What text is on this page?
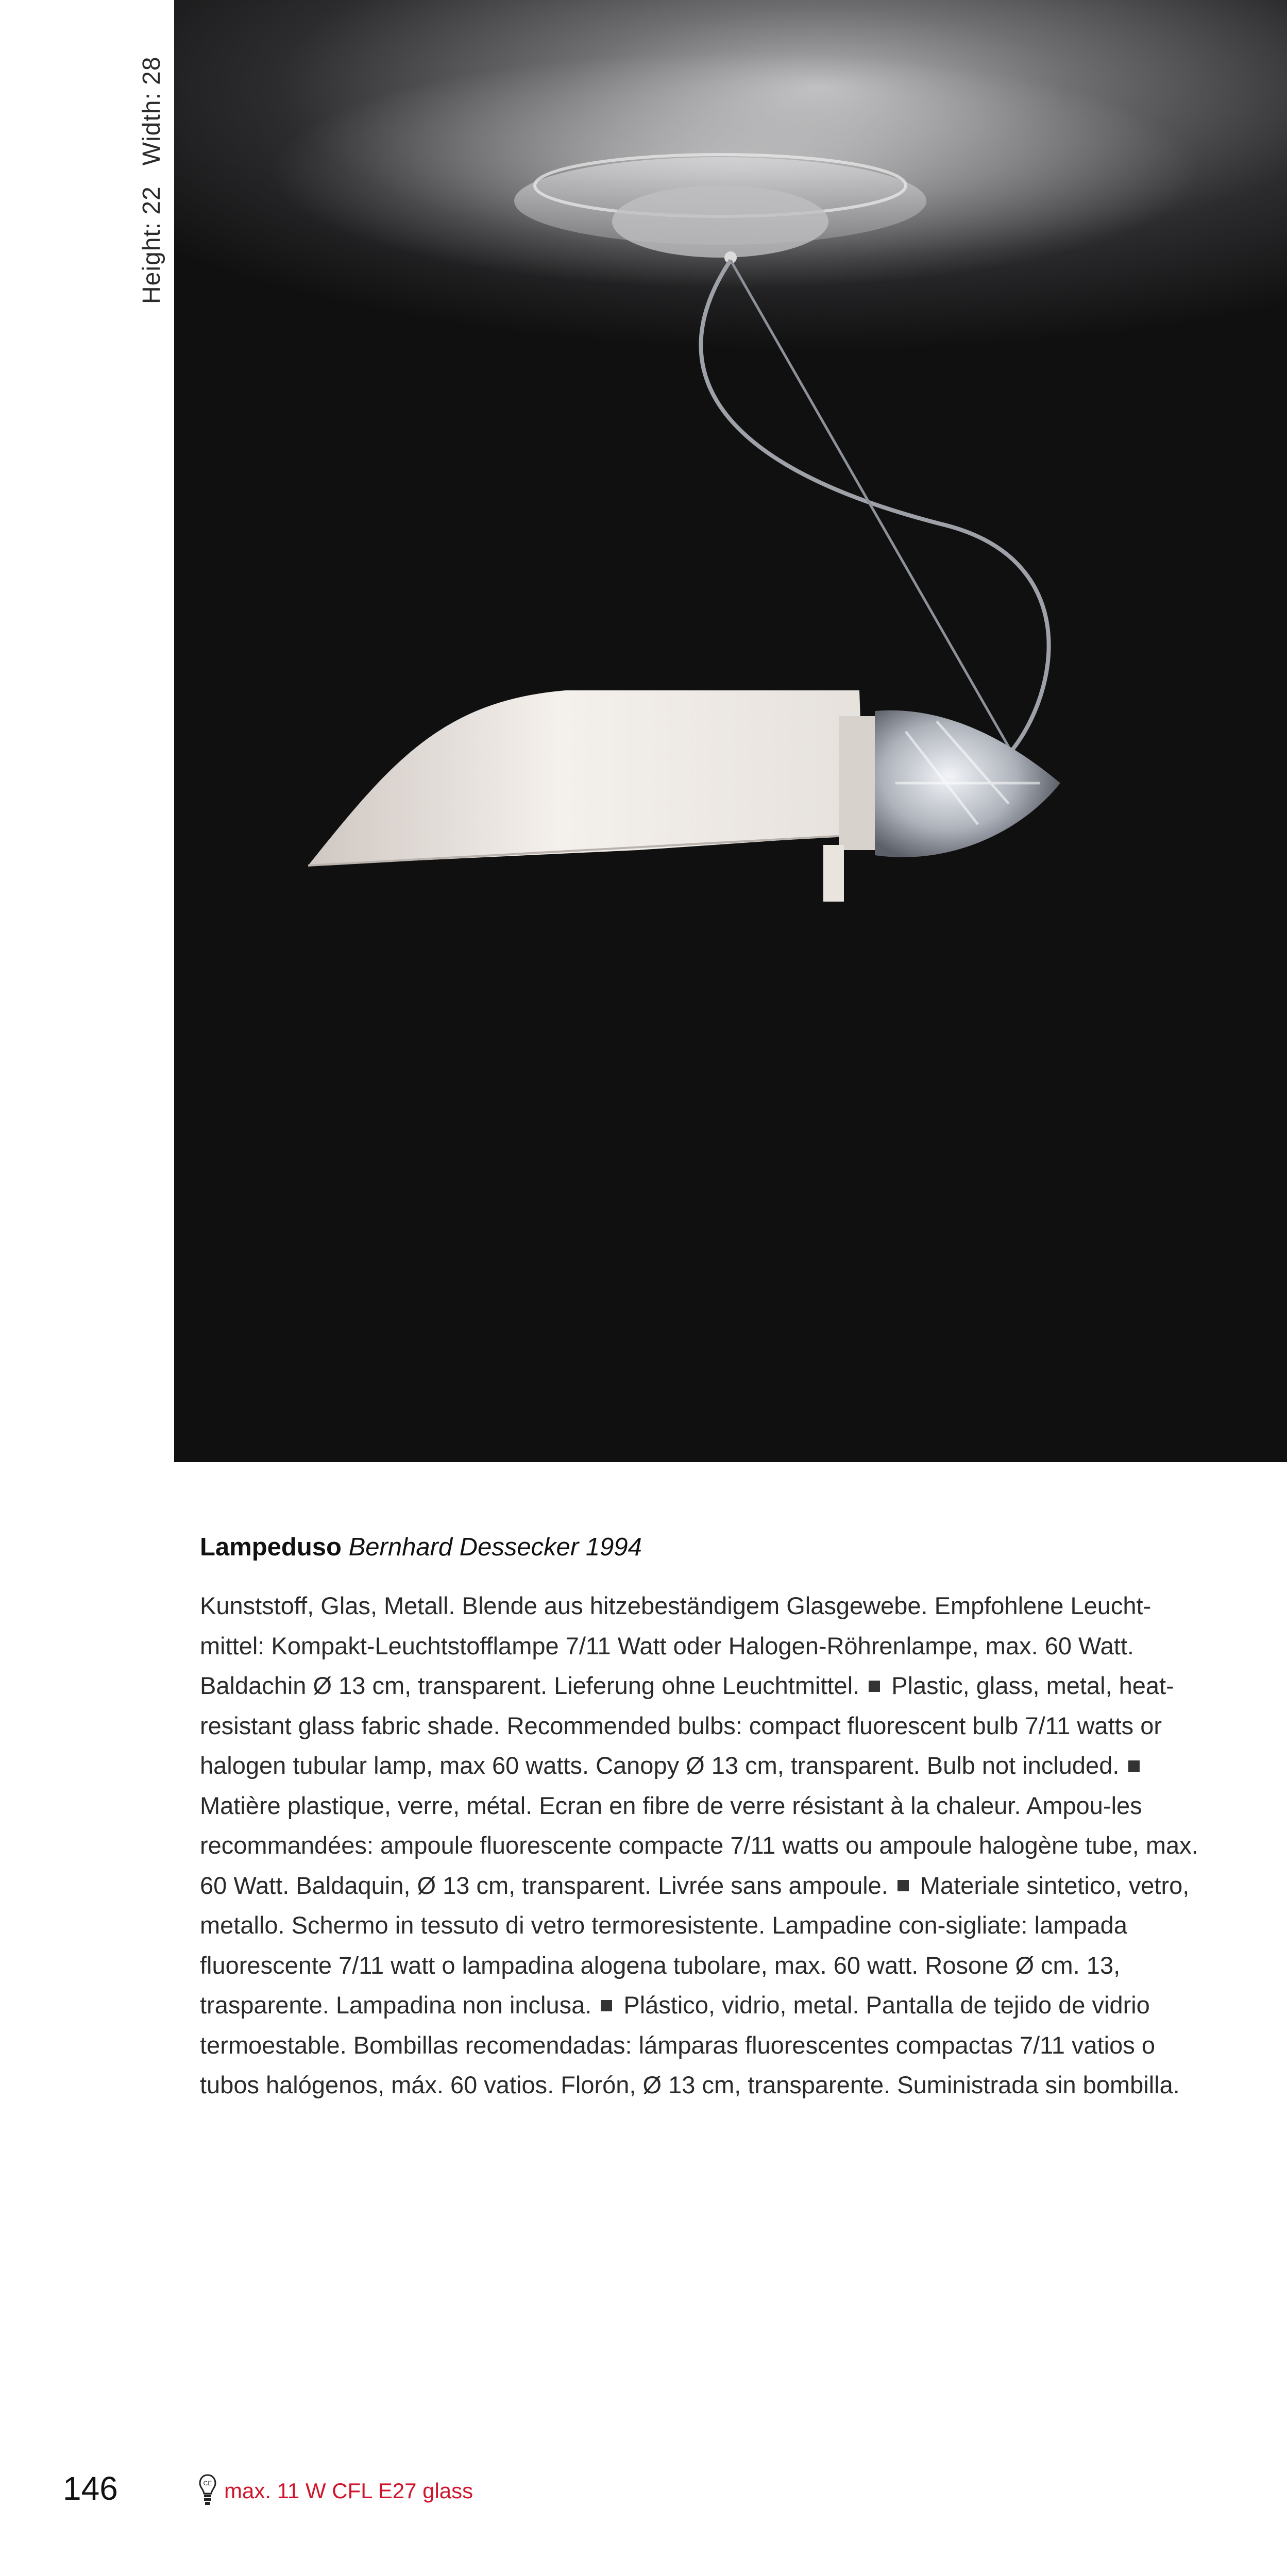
Height: 22Width: 28

Lampeduso Bernhard Dessecker 1994

Kunststoff, Glas, Metall. Blende aus hitzebeständigem Glasgewebe. Empfohlene Leucht-mittel: Kompakt-Leuchtstofflampe 7/11 Watt oder Halogen-Röhrenlampe, max. 60 Watt. Baldachin Ø 13 cm, transparent. Lieferung ohne Leuchtmittel. Plastic, glass, metal, heat-resistant glass fabric shade. Recommended bulbs: compact fluorescent bulb 7/11 watts or halogen tubular lamp, max 60 watts. Canopy Ø 13 cm, transparent. Bulb not included.Matière plastique, verre, métal. Ecran en fibre de verre résistant à la chaleur. Ampou-les recommandées: ampoule fluorescente compacte 7/11 watts ou ampoule halogène tube, max. 60 Watt. Baldaquin, Ø 13 cm, transparent. Livrée sans ampoule. Materiale sintetico, vetro, metallo. Schermo in tessuto di vetro termoresistente. Lampadine con-sigliate: lampada fluorescente 7/11 watt o lampadina alogena tubolare, max. 60 watt. Rosone Ø cm. 13, trasparente. Lampadina non inclusa. Plástico, vidrio, metal. Pantalla de tejido de vidrio termoestable. Bombillas recomendadas: lámparas fluorescentes compactas 7/11 vatios o tubos halógenos, máx. 60 vatios. Florón, Ø 13 cm, transparente. Suministrada sin bombilla.

146	CE max. 11 W CFL E27 glass
